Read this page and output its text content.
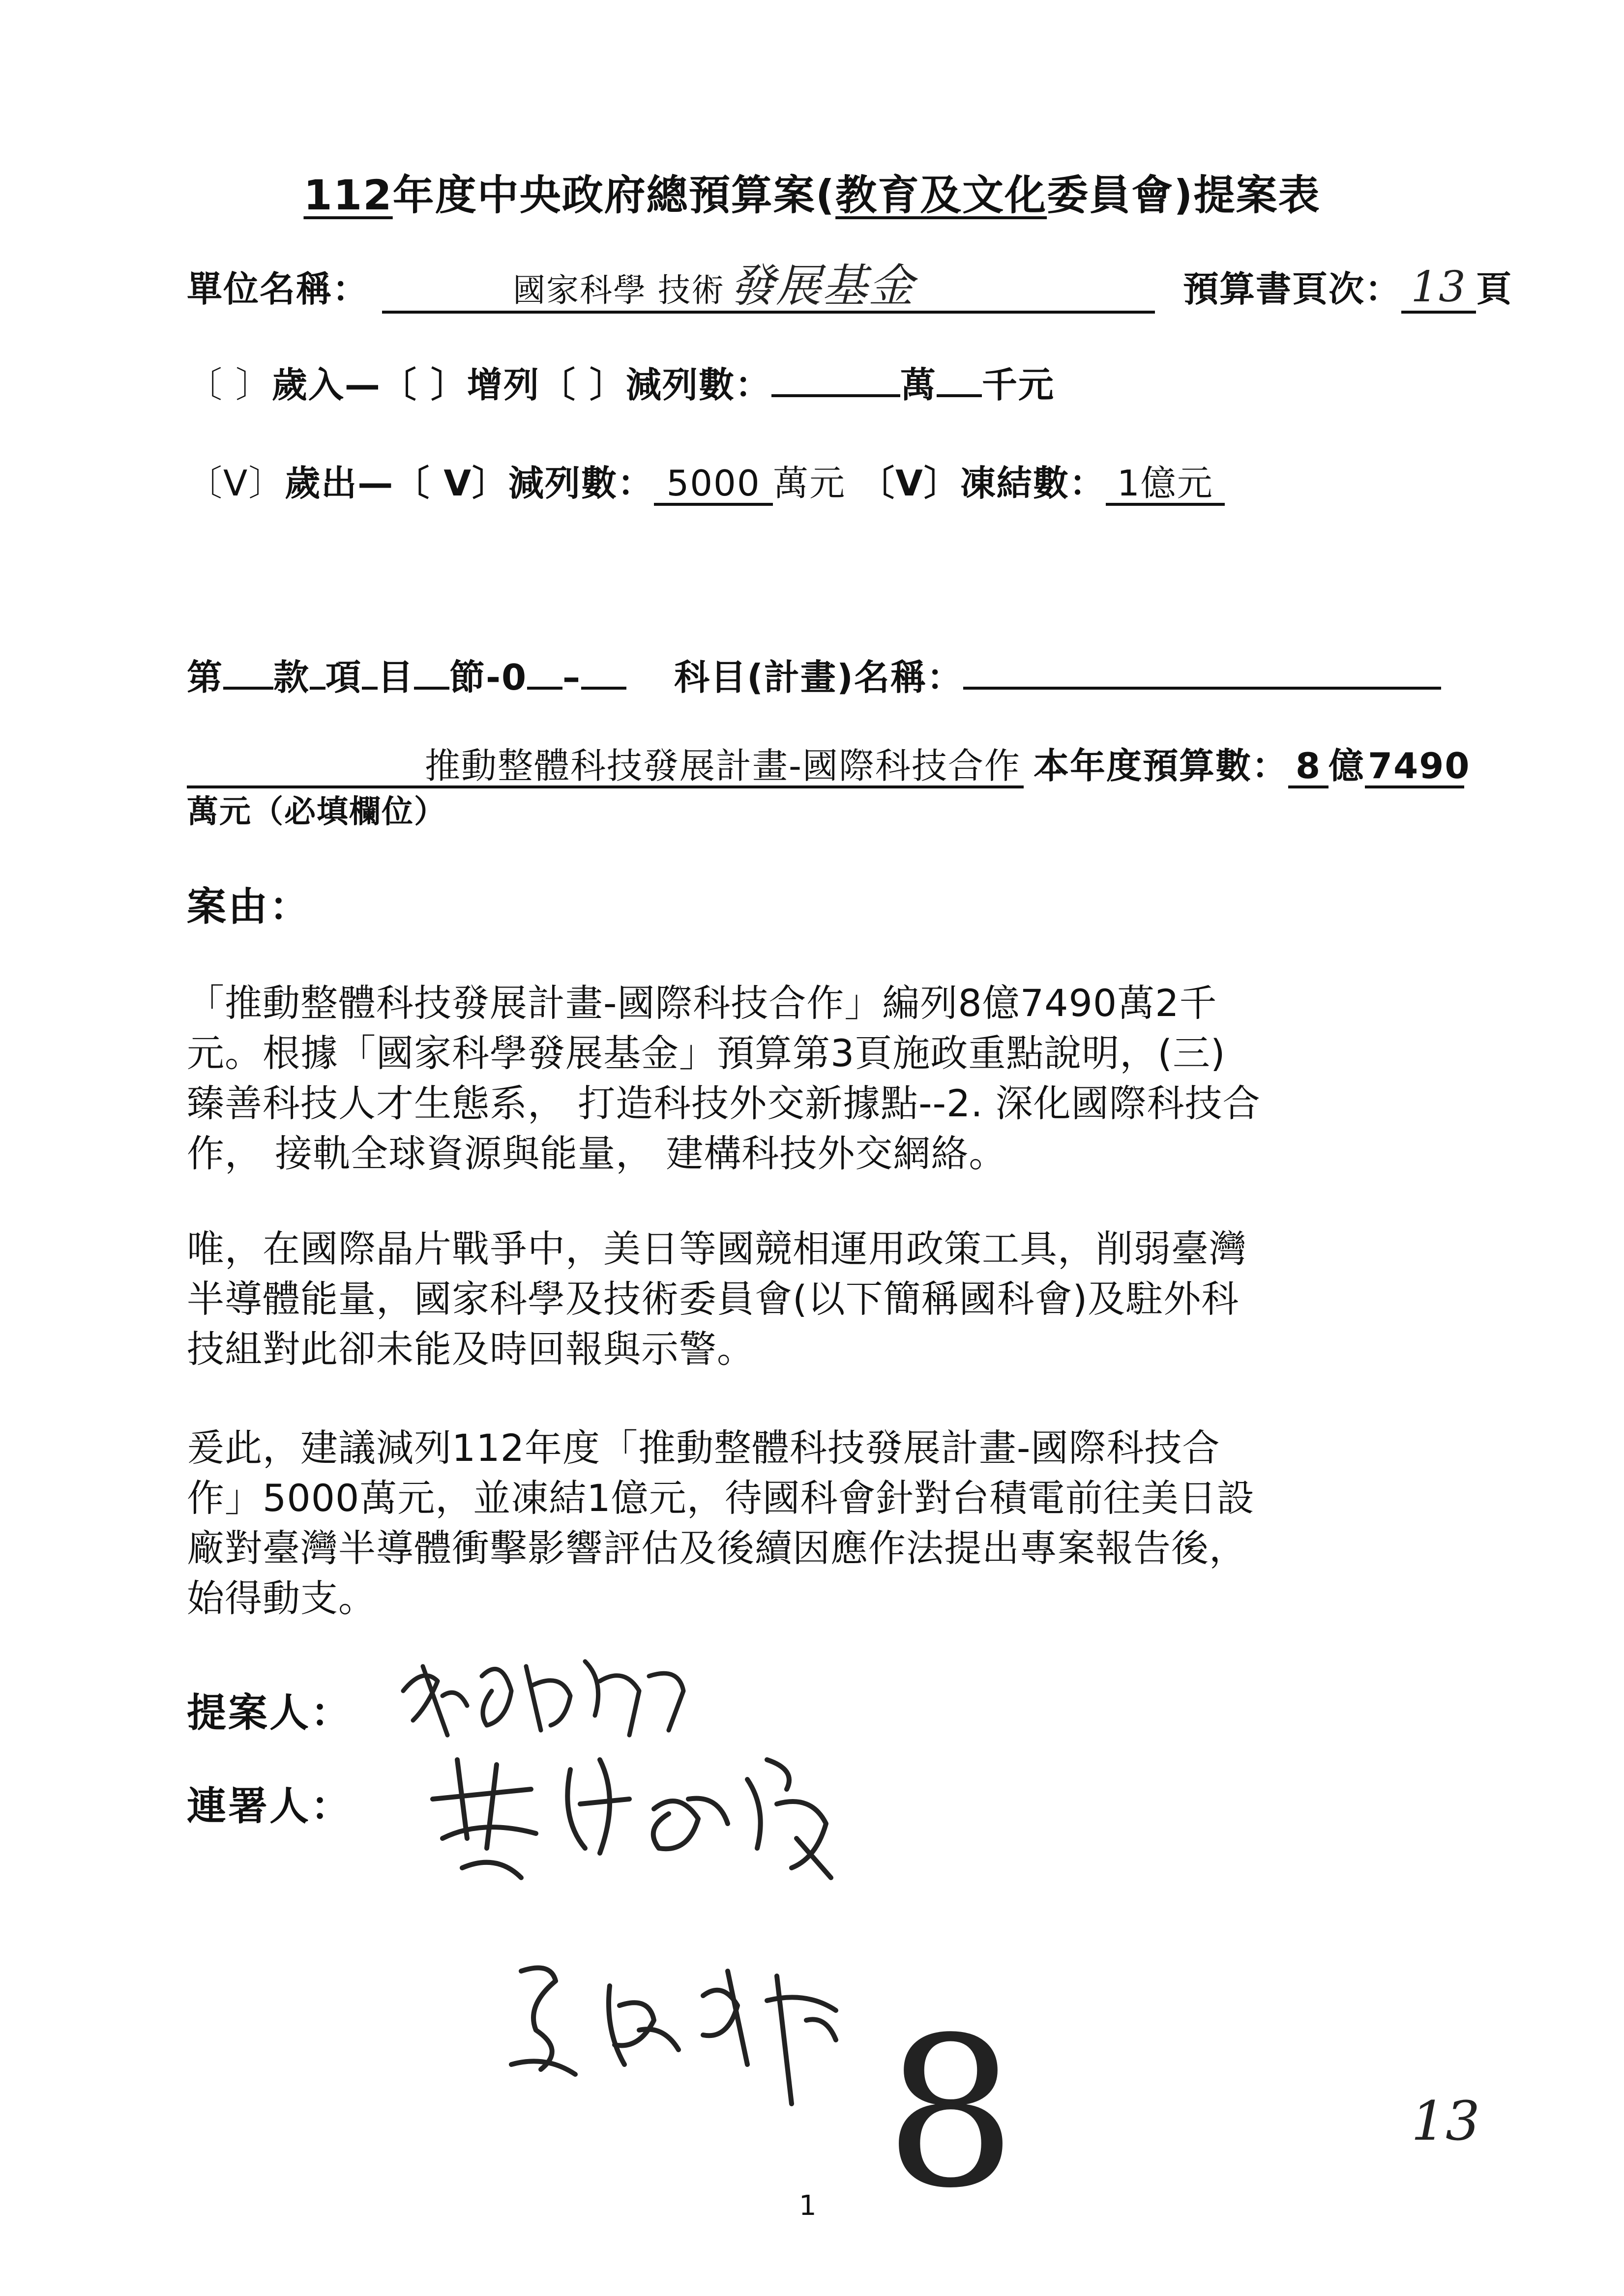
112年度中央政府總預算案(教育及文化委員會)提案表
單位名稱：	國家科學 技術 發展基金	預算書頁次： 13 頁
〔 〕歲入—〔 〕增列〔 〕減列數：	萬 千元
〔V〕歲出—〔 V〕減列數： 5000 萬元 〔V〕凍結數： 1億元
第 款 項 目 節-0 –	科目(計畫)名稱：
推動整體科技發展計畫-國際科技合作 本年度預算數： 8 億7490
萬元（必填欄位）
案由：
「推動整體科技發展計畫-國際科技合作」編列8億7490萬2千
元。根據「國家科學發展基金」預算第3頁施政重點說明，(三)
臻善科技人才生態系， 打造科技外交新據點--2. 深化國際科技合
作， 接軌全球資源與能量， 建構科技外交網絡。
唯，在國際晶片戰爭中，美日等國競相運用政策工具，削弱臺灣
半導體能量，國家科學及技術委員會(以下簡稱國科會)及駐外科
技組對此卻未能及時回報與示警。
爰此，建議減列112年度「推動整體科技發展計畫-國際科技合
作」5000萬元，並凍結1億元，待國科會針對台積電前往美日設
廠對臺灣半導體衝擊影響評估及後續因應作法提出專案報告後，
始得動支。
提案人：
連署人：
8	13
1
